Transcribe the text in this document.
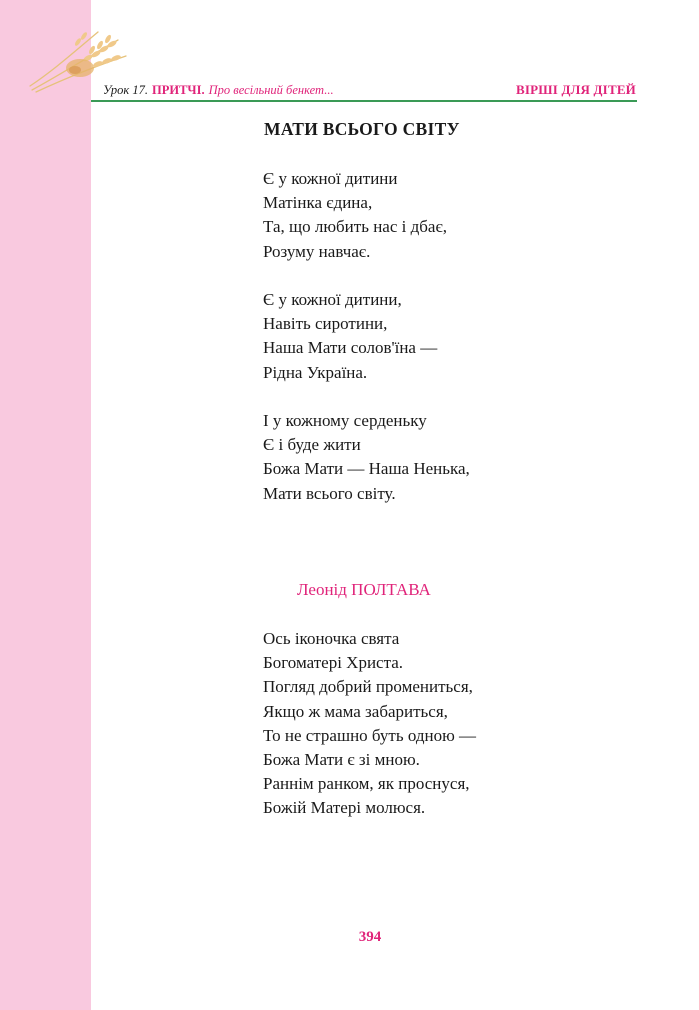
Урок 17. ПРИТЧІ. Про весільний бенкет...	ВІРШІ ДЛЯ ДІТЕЙ
МАТИ ВСЬОГО СВІТУ
Є у кожної дитини
Матінка єдина,
Та, що любить нас і дбає,
Розуму навчає.
Є у кожної дитини,
Навіть сиротини,
Наша Мати солов'їна —
Рідна Україна.
І у кожному серденьку
Є і буде жити
Божа Мати — Наша Ненька,
Мати всього світу.
Леонід ПОЛТАВА
Ось іконочка свята
Богоматері Христа.
Погляд добрий промениться,
Якщо ж мама забариться,
То не страшно буть одною —
Божа Мати є зі мною.
Раннім ранком, як проснуся,
Божій Матері молюся.
394
